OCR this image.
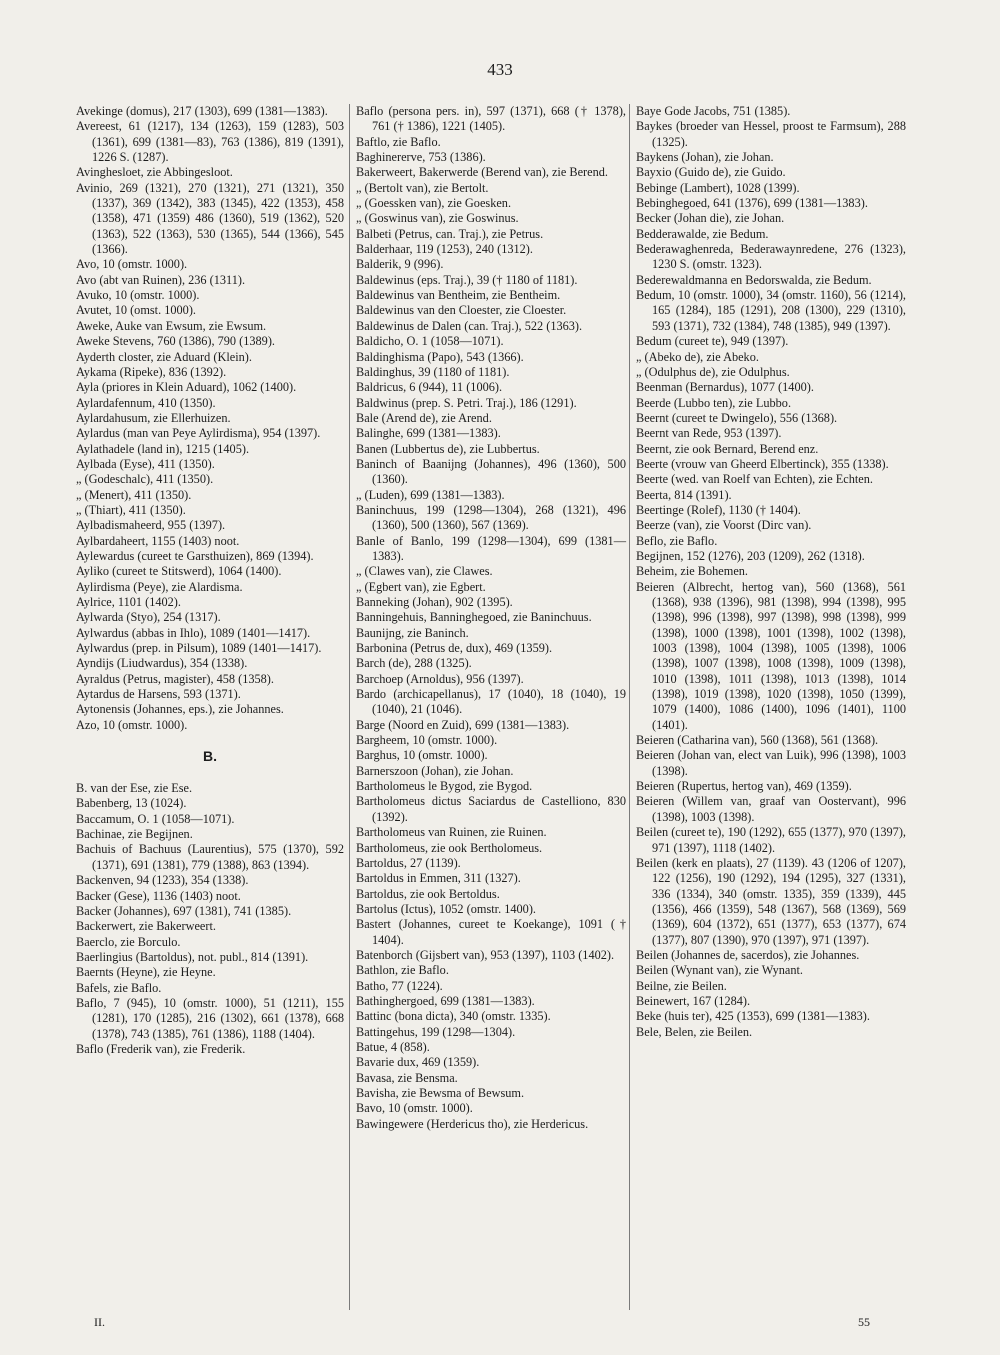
433
Avekinge (domus), 217 (1303), 699 (1381—1383).
Avereest, 61 (1217), 134 (1263), 159 (1283), 503 (1361), 699 (1381—83), 763 (1386), 819 (1391), 1226 S. (1287).
Avinghesloet, zie Abbingesloot.
Avinio, 269 (1321), 270 (1321), 271 (1321), 350 (1337), 369 (1342), 383 (1345), 422 (1353), 458 (1358), 471 (1359) 486 (1360), 519 (1362), 520 (1363), 522 (1363), 530 (1365), 544 (1366), 545 (1366).
Avo, 10 (omstr. 1000).
Avo (abt van Ruinen), 236 (1311).
Avuko, 10 (omstr. 1000).
Avutet, 10 (omst. 1000).
Aweke, Auke van Ewsum, zie Ewsum.
Aweke Stevens, 760 (1386), 790 (1389).
Ayderth closter, zie Aduard (Klein).
Aykama (Ripeke), 836 (1392).
Ayla (priores in Klein Aduard), 1062 (1400).
Aylardafennum, 410 (1350).
Aylardahusum, zie Ellerhuizen.
Aylardus (man van Peye Aylirdisma), 954 (1397).
Aylathadele (land in), 1215 (1405).
Aylbada (Eyse), 411 (1350).
„ (Godeschalc), 411 (1350).
„ (Menert), 411 (1350).
„ (Thiart), 411 (1350).
Aylbadismaheerd, 955 (1397).
Aylbardaheert, 1155 (1403) noot.
Aylewardus (cureet te Garsthuizen), 869 (1394).
Ayliko (cureet te Stitswerd), 1064 (1400).
Aylirdisma (Peye), zie Alardisma.
Aylrice, 1101 (1402).
Aylwarda (Styo), 254 (1317).
Aylwardus (abbas in Ihlo), 1089 (1401—1417).
Aylwardus (prep. in Pilsum), 1089 (1401—1417).
Ayndijs (Liudwardus), 354 (1338).
Ayraldus (Petrus, magister), 458 (1358).
Aytardus de Harsens, 593 (1371).
Aytonensis (Johannes, eps.), zie Johannes.
Azo, 10 (omstr. 1000).
B.
B. van der Ese, zie Ese.
Babenberg, 13 (1024).
Baccamum, O. 1 (1058—1071).
Bachinae, zie Begijnen.
Bachuis of Bachuus (Laurentius), 575 (1370), 592 (1371), 691 (1381), 779 (1388), 863 (1394).
Backenven, 94 (1233), 354 (1338).
Backer (Gese), 1136 (1403) noot.
Backer (Johannes), 697 (1381), 741 (1385).
Backerwert, zie Bakerweert.
Baerclo, zie Borculo.
Baerlingius (Bartoldus), not. publ., 814 (1391).
Baernts (Heyne), zie Heyne.
Bafels, zie Baflo.
Baflo, 7 (945), 10 (omstr. 1000), 51 (1211), 155 (1281), 170 (1285), 216 (1302), 661 (1378), 668 (1378), 743 (1385), 761 (1386), 1188 (1404).
Baflo (Frederik van), zie Frederik.
Baflo (persona pers. in), 597 (1371), 668 († 1378), 761 († 1386), 1221 (1405).
Baftlo, zie Baflo.
Baghinererve, 753 (1386).
Bakerweert, Bakerwerde (Berend van), zie Berend.
„ (Bertolt van), zie Bertolt.
„ (Goessken van), zie Goesken.
„ (Goswinus van), zie Goswinus.
Balbeti (Petrus, can. Traj.), zie Petrus.
Balderhaar, 119 (1253), 240 (1312).
Balderik, 9 (996).
Baldewinus (eps. Traj.), 39 († 1180 of 1181).
Baldewinus van Bentheim, zie Bentheim.
Baldewinus van den Cloester, zie Cloester.
Baldewinus de Dalen (can. Traj.), 522 (1363).
Baldicho, O. 1 (1058—1071).
Baldinghisma (Papo), 543 (1366).
Baldinghus, 39 (1180 of 1181).
Baldricus, 6 (944), 11 (1006).
Baldwinus (prep. S. Petri. Traj.), 186 (1291).
Bale (Arend de), zie Arend.
Balinghe, 699 (1381—1383).
Banen (Lubbertus de), zie Lubbertus.
Baninch of Baanijng (Johannes), 496 (1360), 500 (1360).
„ (Luden), 699 (1381—1383).
Baninchuus, 199 (1298—1304), 268 (1321), 496 (1360), 500 (1360), 567 (1369).
Banle of Banlo, 199 (1298—1304), 699 (1381—1383).
„ (Clawes van), zie Clawes.
„ (Egbert van), zie Egbert.
Banneking (Johan), 902 (1395).
Banningehuis, Banninghegoed, zie Baninchuus.
Baunijng, zie Baninch.
Barbonina (Petrus de, dux), 469 (1359).
Barch (de), 288 (1325).
Barchoep (Arnoldus), 956 (1397).
Bardo (archicapellanus), 17 (1040), 18 (1040), 19 (1040), 21 (1046).
Barge (Noord en Zuid), 699 (1381—1383).
Bargheem, 10 (omstr. 1000).
Barghus, 10 (omstr. 1000).
Barnerszoon (Johan), zie Johan.
Bartholomeus le Bygod, zie Bygod.
Bartholomeus dictus Saciardus de Castelliono, 830 (1392).
Bartholomeus van Ruinen, zie Ruinen.
Bartholomeus, zie ook Bertholomeus.
Bartoldus, 27 (1139).
Bartoldus in Emmen, 311 (1327).
Bartoldus, zie ook Bertoldus.
Bartolus (Ictus), 1052 (omstr. 1400).
Bastert (Johannes, cureet te Koekange), 1091 († 1404).
Batenborch (Gijsbert van), 953 (1397), 1103 (1402).
Bathlon, zie Baflo.
Batho, 77 (1224).
Bathinghergoed, 699 (1381—1383).
Battinc (bona dicta), 340 (omstr. 1335).
Battingehus, 199 (1298—1304).
Batue, 4 (858).
Bavarie dux, 469 (1359).
Bavasa, zie Bensma.
Bavisha, zie Bewsma of Bewsum.
Bavo, 10 (omstr. 1000).
Bawingewere (Herdericus tho), zie Herdericus.
Baye Gode Jacobs, 751 (1385).
Baykes (broeder van Hessel, proost te Farmsum), 288 (1325).
Baykens (Johan), zie Johan.
Bayxio (Guido de), zie Guido.
Bebinge (Lambert), 1028 (1399).
Bebinghegoed, 641 (1376), 699 (1381—1383).
Becker (Johan die), zie Johan.
Bedderawalde, zie Bedum.
Bederawaghenreda, Bederawaynredene, 276 (1323), 1230 S. (omstr. 1323).
Bederewaldmanna en Bedorswalda, zie Bedum.
Bedum, 10 (omstr. 1000), 34 (omstr. 1160), 56 (1214), 165 (1284), 185 (1291), 208 (1300), 229 (1310), 593 (1371), 732 (1384), 748 (1385), 949 (1397).
Bedum (cureet te), 949 (1397).
„ (Abeko de), zie Abeko.
„ (Odulphus de), zie Odulphus.
Beenman (Bernardus), 1077 (1400).
Beerde (Lubbo ten), zie Lubbo.
Beernt (cureet te Dwingelo), 556 (1368).
Beernt van Rede, 953 (1397).
Beernt, zie ook Bernard, Berend enz.
Beerte (vrouw van Gheerd Elbertinck), 355 (1338).
Beerte (wed. van Roelf van Echten), zie Echten.
Beerta, 814 (1391).
Beertinge (Rolef), 1130 († 1404).
Beerze (van), zie Voorst (Dirc van).
Beflo, zie Baflo.
Begijnen, 152 (1276), 203 (1209), 262 (1318).
Beheim, zie Bohemen.
Beieren (Albrecht, hertog van), 560 (1368), 561 (1368), 938 (1396), 981 (1398), 994 (1398), 995 (1398), 996 (1398), 997 (1398), 998 (1398), 999 (1398), 1000 (1398), 1001 (1398), 1002 (1398), 1003 (1398), 1004 (1398), 1005 (1398), 1006 (1398), 1007 (1398), 1008 (1398), 1009 (1398), 1010 (1398), 1011 (1398), 1013 (1398), 1014 (1398), 1019 (1398), 1020 (1398), 1050 (1399), 1079 (1400), 1086 (1400), 1096 (1401), 1100 (1401).
Beieren (Catharina van), 560 (1368), 561 (1368).
Beieren (Johan van, elect van Luik), 996 (1398), 1003 (1398).
Beieren (Rupertus, hertog van), 469 (1359).
Beieren (Willem van, graaf van Oostervant), 996 (1398), 1003 (1398).
Beilen (cureet te), 190 (1292), 655 (1377), 970 (1397), 971 (1397), 1118 (1402).
Beilen (kerk en plaats), 27 (1139). 43 (1206 of 1207), 122 (1256), 190 (1292), 194 (1295), 327 (1331), 336 (1334), 340 (omstr. 1335), 359 (1339), 445 (1356), 466 (1359), 548 (1367), 568 (1369), 569 (1369), 604 (1372), 651 (1377), 653 (1377), 674 (1377), 807 (1390), 970 (1397), 971 (1397).
Beilen (Johannes de, sacerdos), zie Johannes.
Beilen (Wynant van), zie Wynant.
Beilne, zie Beilen.
Beinewert, 167 (1284).
Beke (huis ter), 425 (1353), 699 (1381—1383).
Bele, Belen, zie Beilen.
II.	55
